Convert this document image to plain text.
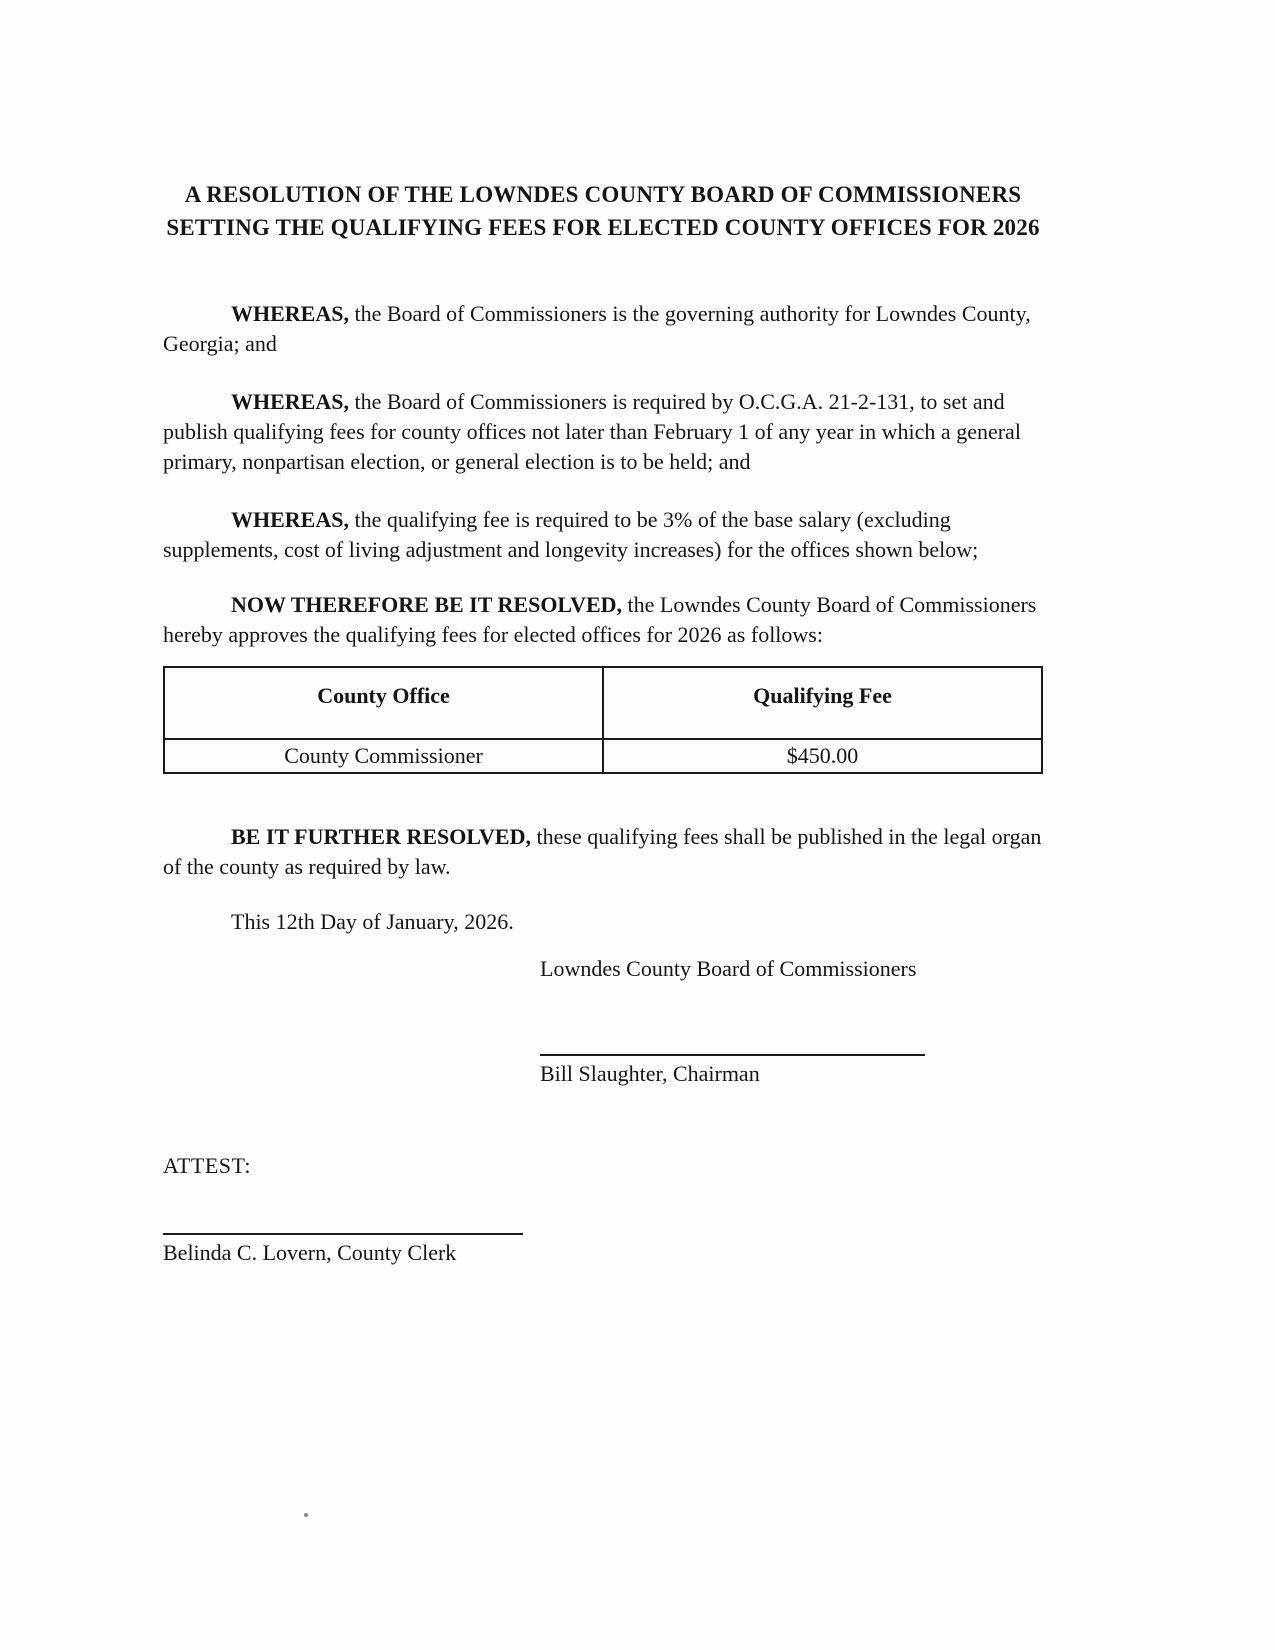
A RESOLUTION OF THE LOWNDES COUNTY BOARD OF COMMISSIONERS
SETTING THE QUALIFYING FEES FOR ELECTED COUNTY OFFICES FOR 2026

WHEREAS, the Board of Commissioners is the governing authority for Lowndes County, Georgia; and

WHEREAS, the Board of Commissioners is required by O.C.G.A. 21-2-131, to set and publish qualifying fees for county offices not later than February 1 of any year in which a general primary, nonpartisan election, or general election is to be held; and

WHEREAS, the qualifying fee is required to be 3% of the base salary (excluding supplements, cost of living adjustment and longevity increases) for the offices shown below;

NOW THEREFORE BE IT RESOLVED, the Lowndes County Board of Commissioners hereby approves the qualifying fees for elected offices for 2026 as follows:

County Office	Qualifying Fee
County Commissioner	$450.00

BE IT FURTHER RESOLVED, these qualifying fees shall be published in the legal organ of the county as required by law.

This 12th Day of January, 2026.

Lowndes County Board of Commissioners

Bill Slaughter, Chairman

ATTEST:

Belinda C. Lovern, County Clerk
